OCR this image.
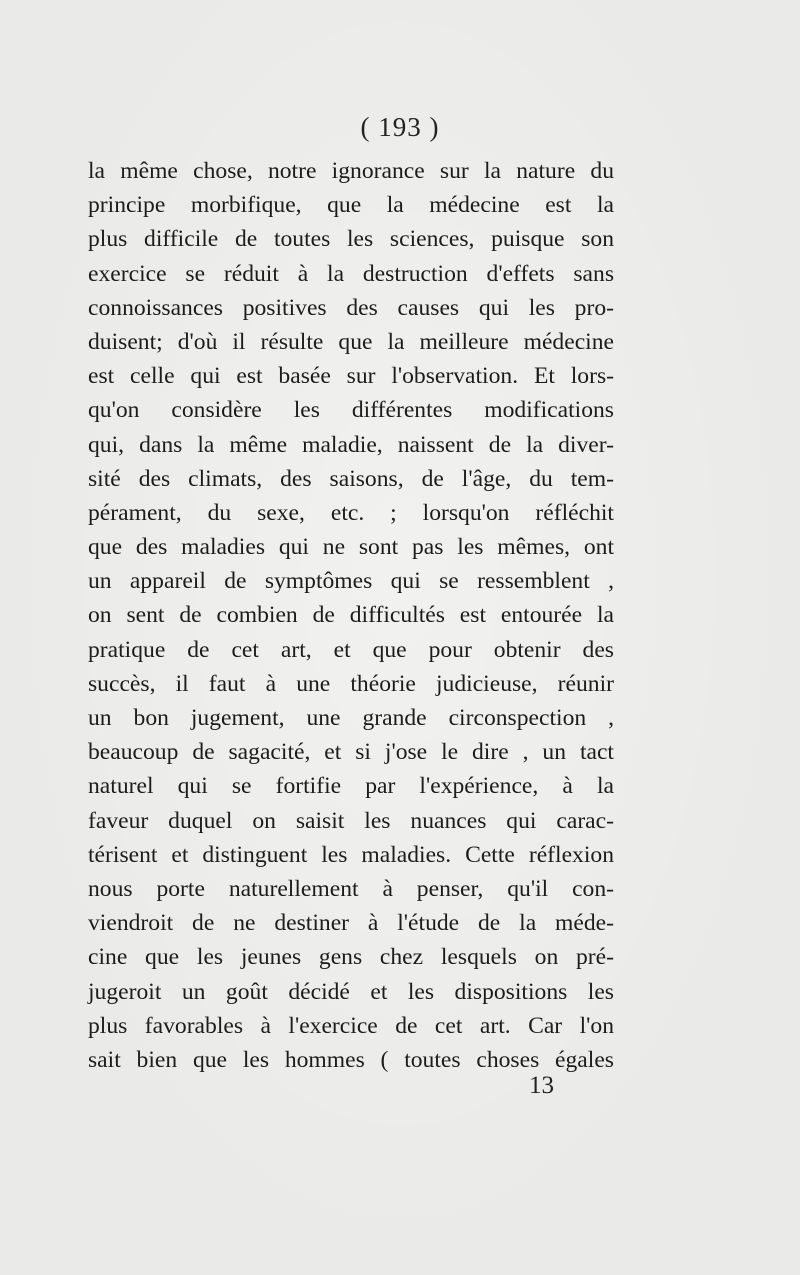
( 193 )
la même chose, notre ignorance sur la nature du
principe morbifique, que la médecine est la
plus difficile de toutes les sciences, puisque son
exercice se réduit à la destruction d'effets sans
connoissances positives des causes qui les pro-
duisent; d'où il résulte que la meilleure médecine
est celle qui est basée sur l'observation. Et lors-
qu'on considère les différentes modifications
qui, dans la même maladie, naissent de la diver-
sité des climats, des saisons, de l'âge, du tem-
pérament, du sexe, etc. ; lorsqu'on réfléchit
que des maladies qui ne sont pas les mêmes, ont
un appareil de symptômes qui se ressemblent ,
on sent de combien de difficultés est entourée la
pratique de cet art, et que pour obtenir des
succès, il faut à une théorie judicieuse, réunir
un bon jugement, une grande circonspection ,
beaucoup de sagacité, et si j'ose le dire , un tact
naturel qui se fortifie par l'expérience, à la
faveur duquel on saisit les nuances qui carac-
térisent et distinguent les maladies. Cette réflexion
nous porte naturellement à penser, qu'il con-
viendroit de ne destiner à l'étude de la méde-
cine que les jeunes gens chez lesquels on pré-
jugeroit un goût décidé et les dispositions les
plus favorables à l'exercice de cet art. Car l'on
sait bien que les hommes ( toutes choses égales
13
